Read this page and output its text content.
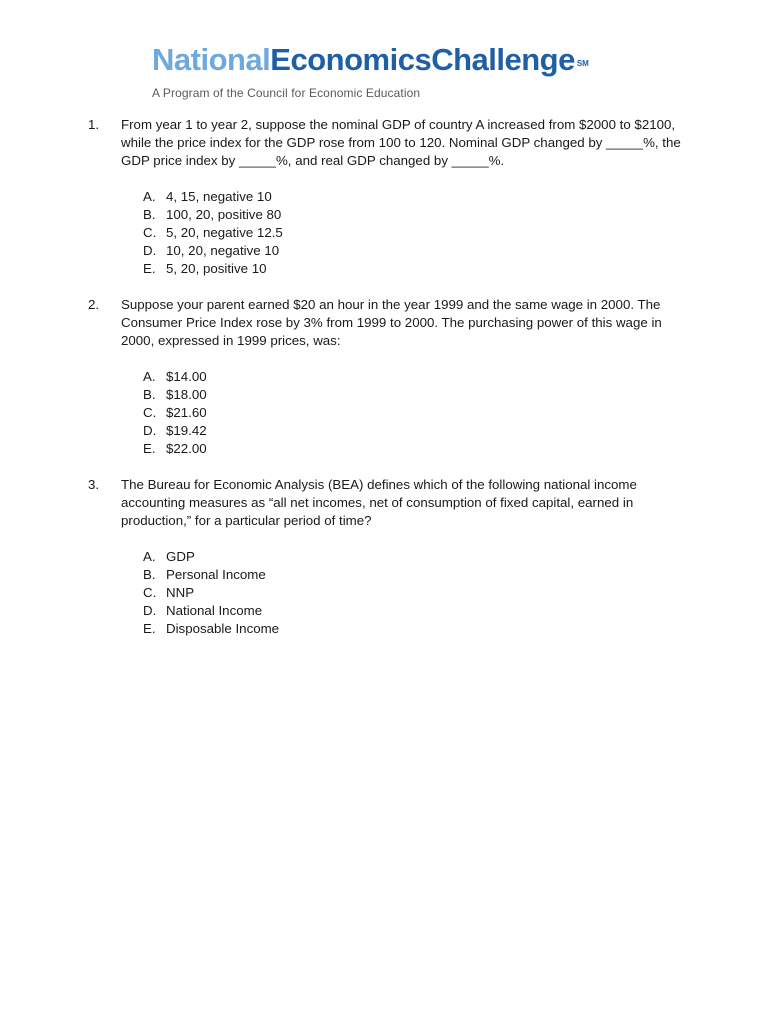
NationalEconomicsChallenge ℠
A Program of the Council for Economic Education
1. From year 1 to year 2, suppose the nominal GDP of country A increased from $2000 to $2100, while the price index for the GDP rose from 100 to 120. Nominal GDP changed by _____%, the GDP price index by _____%, and real GDP changed by _____%.

A. 4, 15, negative 10
B. 100, 20, positive 80
C. 5, 20, negative 12.5
D. 10, 20, negative 10
E. 5, 20, positive 10
2. Suppose your parent earned $20 an hour in the year 1999 and the same wage in 2000. The Consumer Price Index rose by 3% from 1999 to 2000. The purchasing power of this wage in 2000, expressed in 1999 prices, was:

A. $14.00
B. $18.00
C. $21.60
D. $19.42
E. $22.00
3. The Bureau for Economic Analysis (BEA) defines which of the following national income accounting measures as “all net incomes, net of consumption of fixed capital, earned in production,” for a particular period of time?

A. GDP
B. Personal Income
C. NNP
D. National Income
E. Disposable Income
